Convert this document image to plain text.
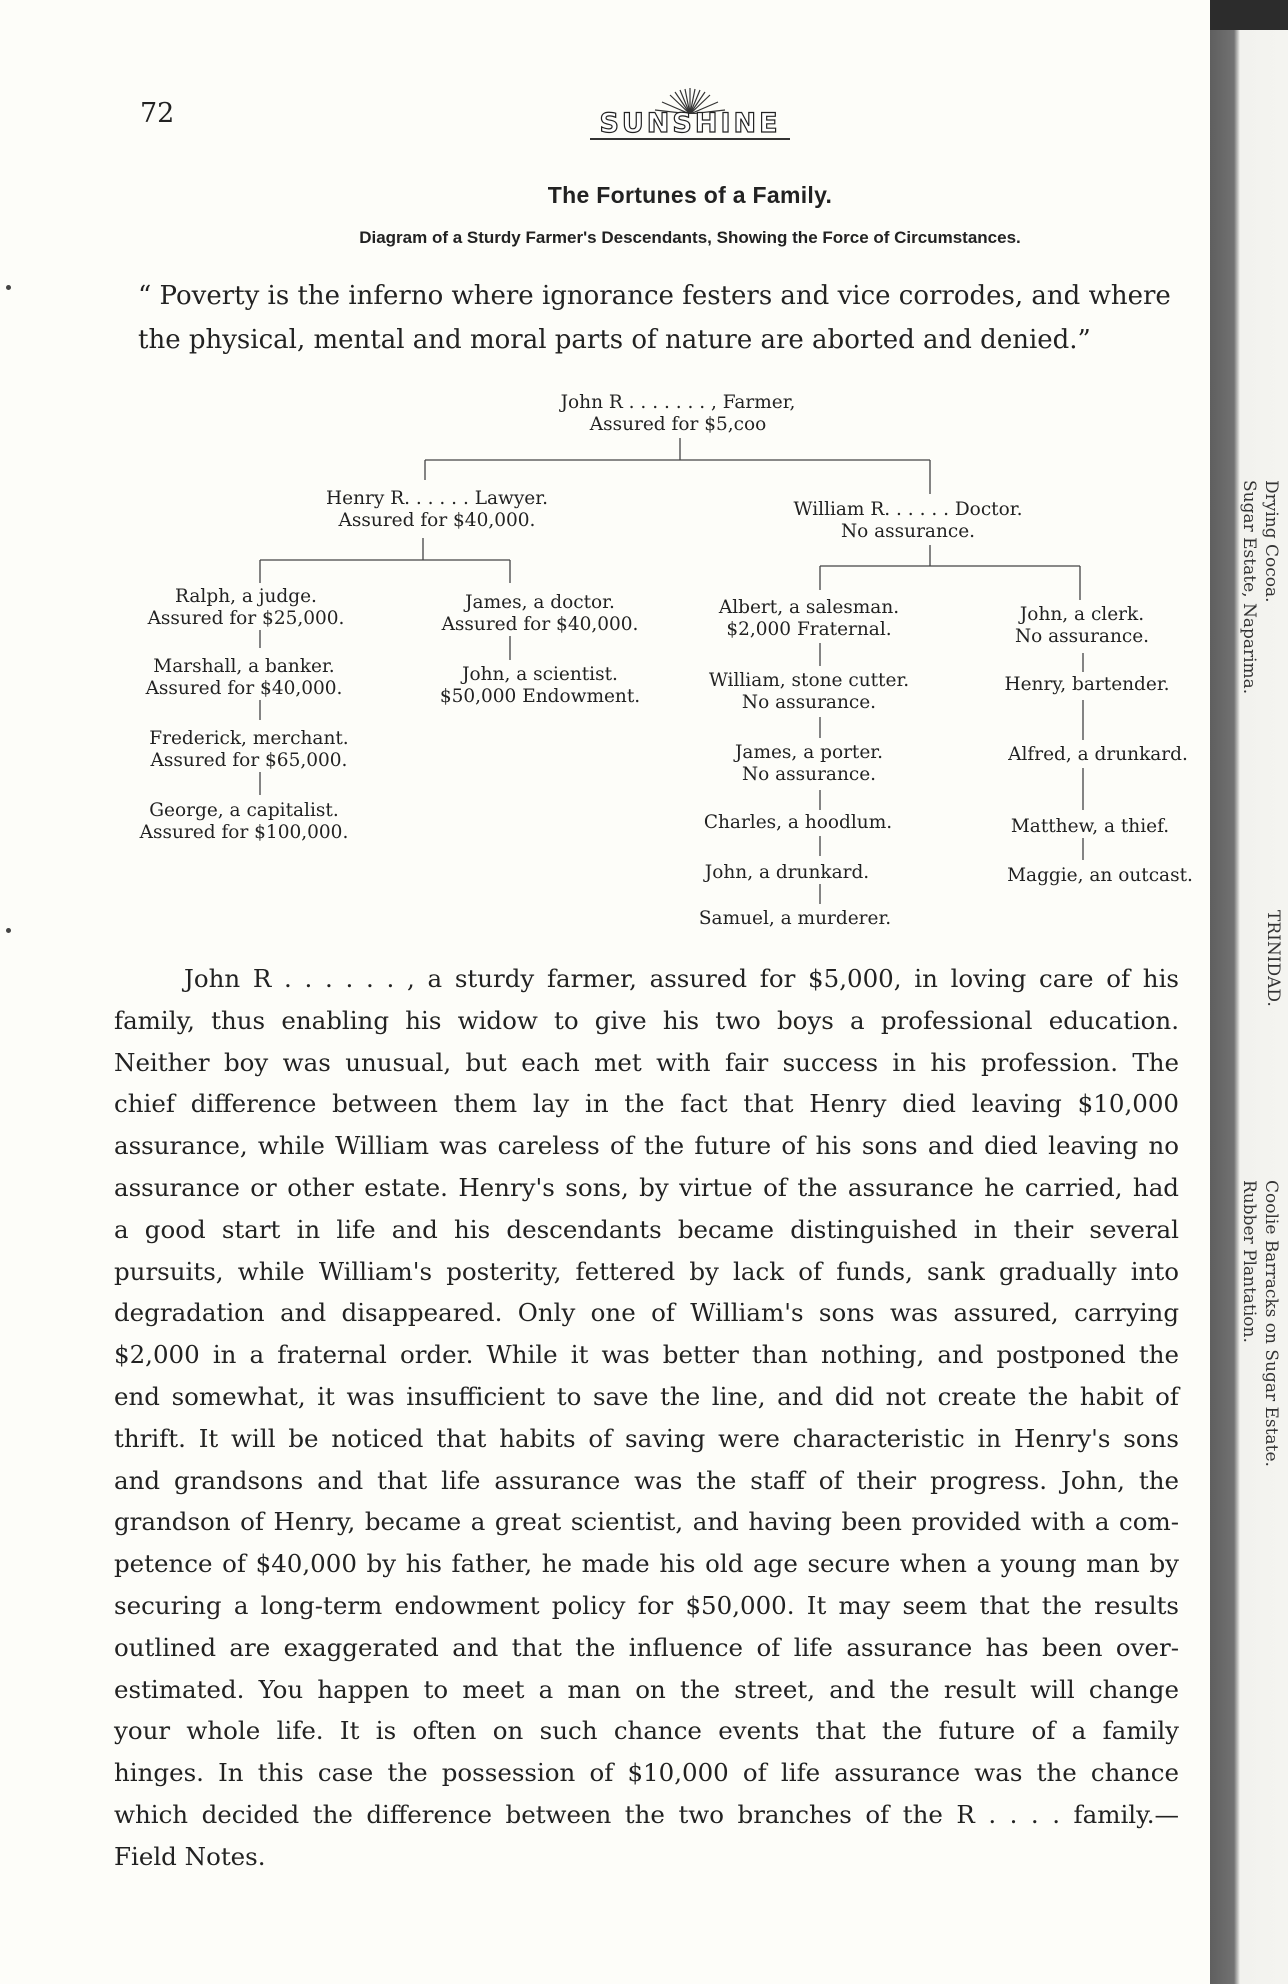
72	SUNSHINE
The Fortunes of a Family.
Diagram of a Sturdy Farmer's Descendants, Showing the Force of Circumstances.
“ Poverty is the inferno where ignorance festers and vice corrodes, and where
the physical, mental and moral parts of nature are aborted and denied.”
John R . . . . . . . , Farmer,
Assured for $5,coo
Henry R. . . . . . Lawyer.
Assured for $40,000.
William R. . . . . . Doctor.
No assurance.
Ralph, a judge.
Assured for $25,000.
Marshall, a banker.
Assured for $40,000.
Frederick, merchant.
Assured for $65,000.
George, a capitalist.
Assured for $100,000.
James, a doctor.
Assured for $40,000.
John, a scientist.
$50,000 Endowment.
Albert, a salesman.
$2,000 Fraternal.
William, stone cutter.
No assurance.
James, a porter.
No assurance.
Charles, a hoodlum.
John, a drunkard.
Samuel, a murderer.
John, a clerk.
No assurance.
Henry, bartender.
Alfred, a drunkard.
Matthew, a thief.
Maggie, an outcast.
John R . . . . . . , a sturdy farmer, assured for $5,000, in loving care of his
family, thus enabling his widow to give his two boys a professional education.
Neither boy was unusual, but each met with fair success in his profession. The
chief difference between them lay in the fact that Henry died leaving $10,000
assurance, while William was careless of the future of his sons and died leaving no
assurance or other estate. Henry's sons, by virtue of the assurance he carried, had
a good start in life and his descendants became distinguished in their several
pursuits, while William's posterity, fettered by lack of funds, sank gradually into
degradation and disappeared. Only one of William's sons was assured, carrying
$2,000 in a fraternal order. While it was better than nothing, and postponed the
end somewhat, it was insufficient to save the line, and did not create the habit of
thrift. It will be noticed that habits of saving were characteristic in Henry's sons
and grandsons and that life assurance was the staff of their progress. John, the
grandson of Henry, became a great scientist, and having been provided with a com-
petence of $40,000 by his father, he made his old age secure when a young man by
securing a long-term endowment policy for $50,000. It may seem that the results
outlined are exaggerated and that the influence of life assurance has been over-
estimated. You happen to meet a man on the street, and the result will change
your whole life. It is often on such chance events that the future of a family
hinges. In this case the possession of $10,000 of life assurance was the chance
which decided the difference between the two branches of the R . . . . family.—
Field Notes.
Drying Cocoa.
Sugar Estate, Naparima.
TRINIDAD.
Coolie Barracks on Sugar Estate.
Rubber Plantation.
